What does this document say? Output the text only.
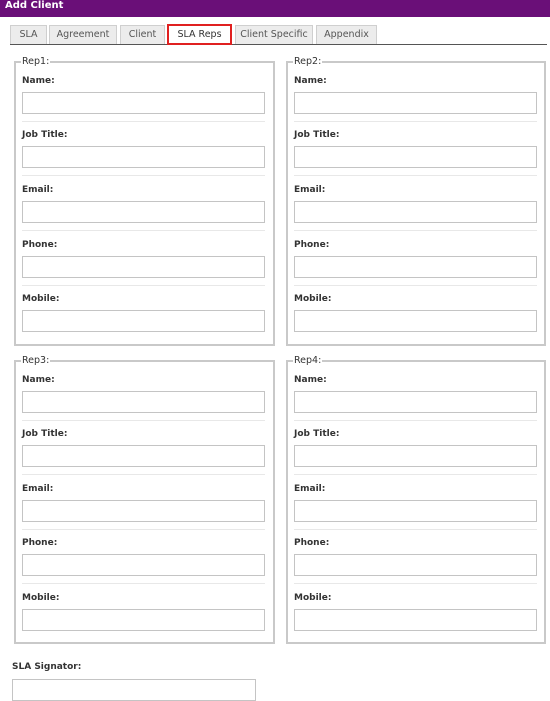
Add Client
SLA	Agreement	Client	SLA Reps	Client Specific	Appendix
Rep1:
Name:
Job Title:
Email:
Phone:
Mobile:
Rep2:
Name:
Job Title:
Email:
Phone:
Mobile:
Rep3:
Name:
Job Title:
Email:
Phone:
Mobile:
Rep4:
Name:
Job Title:
Email:
Phone:
Mobile:
SLA Signator:
